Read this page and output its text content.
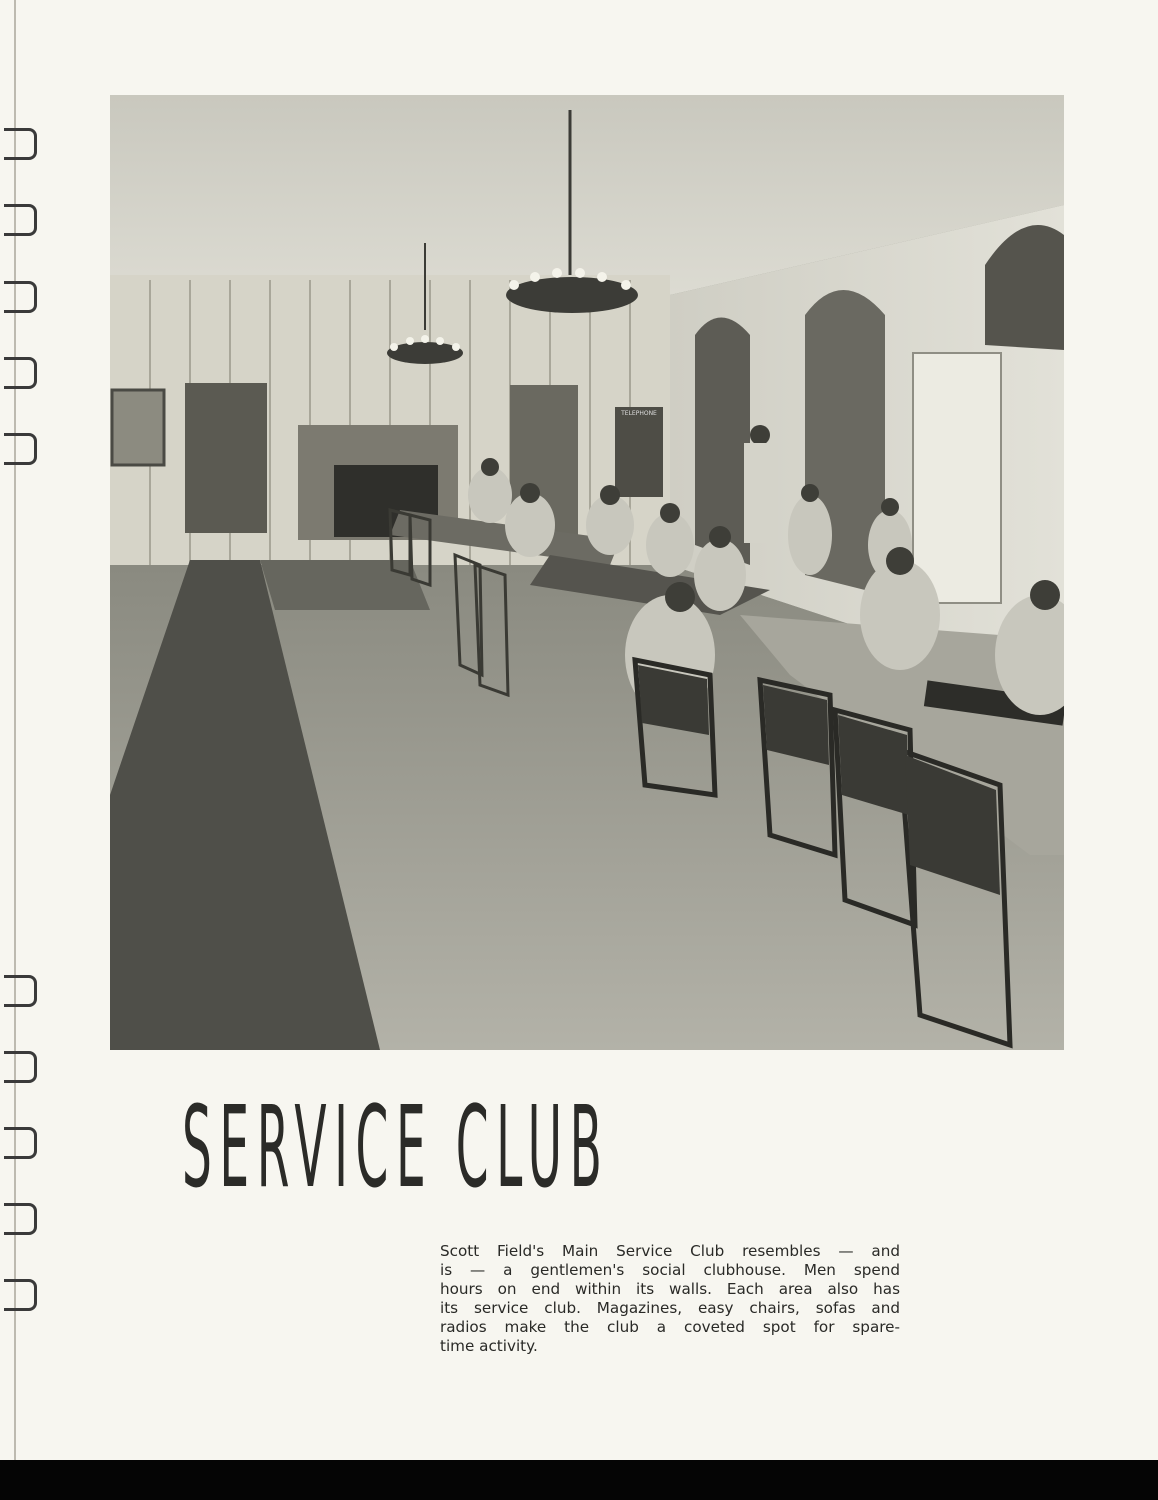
TELEPHONE
SERVICE CLUB
Scott Field's Main Service Club resembles — and
is — a gentlemen's social clubhouse. Men spend
hours on end within its walls. Each area also has
its service club. Magazines, easy chairs, sofas and
radios make the club a coveted spot for spare-
time activity.
